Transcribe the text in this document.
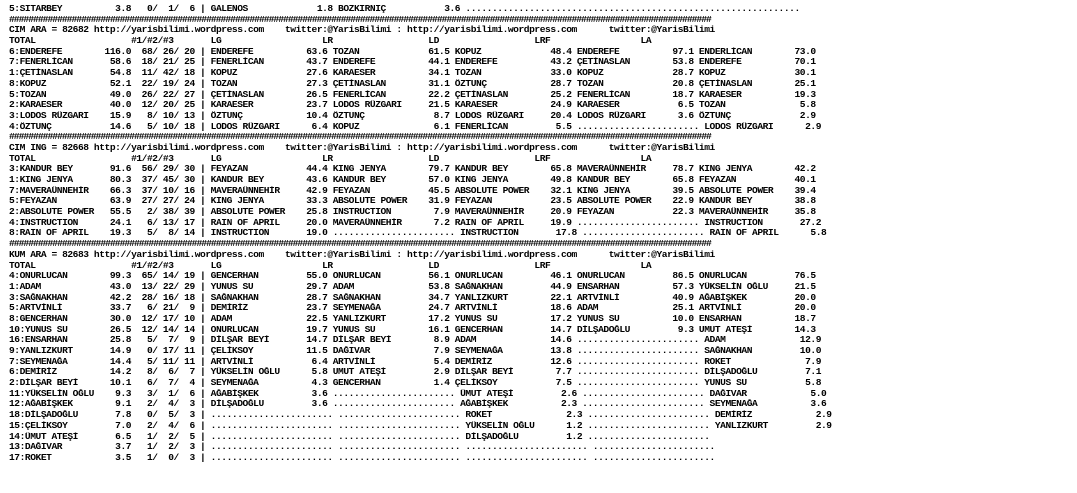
5:SITARBEY          3.8   0/  1/  6 | GALENOS             1.8 BOZKIRNIÇ           3.6 ...............................................................
##################################################################################################################################################
CIM ARA = 82682 http://yarisbilimi.wordpress.com    twitter:@YarisBilimi : http://yarisbilimi.wordpress.com      twitter:@YarisBilimi
TOTAL                  #1/#2/#3       LG                   LR                  LD                  LRF                 LA
6:ENDEREFE        116.0  68/ 26/ 20 | ENDEREFE          63.6 TOZAN             61.5 KOPUZ             48.4 ENDEREFE          97.1 ENDERLİCAN        73.0
7:FENERLİCAN       58.6  18/ 21/ 25 | FENERLİCAN        43.7 ENDEREFE          44.1 ENDEREFE          43.2 ÇETİNASLAN        53.8 ENDEREFE          70.1
1:ÇETİNASLAN       54.8  11/ 42/ 18 | KOPUZ             27.6 KARAESER          34.1 TOZAN             33.0 KOPUZ             28.7 KOPUZ             30.1
8:KOPUZ            52.1  22/ 19/ 24 | TOZAN             27.3 ÇETİNASLAN        31.1 ÖZTUNÇ            28.7 TOZAN             20.8 ÇETİNASLAN        25.1
5:TOZAN            49.0  26/ 22/ 27 | ÇETİNASLAN        26.5 FENERLİCAN        22.2 ÇETİNASLAN        25.2 FENERLİCAN        18.7 KARAESER          19.3
2:KARAESER         40.0  12/ 20/ 25 | KARAESER          23.7 LODOS RÜZGARI     21.5 KARAESER          24.9 KARAESER           6.5 TOZAN              5.8
3:LODOS RÜZGARI    15.9   8/ 10/ 13 | ÖZTUNÇ            10.4 ÖZTUNÇ             8.7 LODOS RÜZGARI     20.4 LODOS RÜZGARI      3.6 ÖZTUNÇ             2.9
4:ÖZTUNÇ           14.6   5/ 10/ 18 | LODOS RÜZGARI      6.4 KOPUZ              6.1 FENERLİCAN         5.5 ....................... LODOS RÜZGARI      2.9
##################################################################################################################################################
CIM ING = 82668 http://yarisbilimi.wordpress.com    twitter:@YarisBilimi : http://yarisbilimi.wordpress.com      twitter:@YarisBilimi
TOTAL                  #1/#2/#3       LG                   LR                  LD                  LRF                 LA
3:KANDUR BEY       91.6  56/ 29/ 30 | FEYAZAN           44.4 KING JENYA        79.7 KANDUR BEY        65.8 MAVERAÜNNEHİR     78.7 KING JENYA        42.2
1:KING JENYA       80.3  37/ 45/ 30 | KANDUR BEY        43.6 KANDUR BEY        57.0 KING JENYA        49.8 KANDUR BEY        65.8 FEYAZAN           40.1
7:MAVERAÜNNEHİR    66.3  37/ 10/ 16 | MAVERAÜNNEHİR     42.9 FEYAZAN           45.5 ABSOLUTE POWER    32.1 KING JENYA        39.5 ABSOLUTE POWER    39.4
5:FEYAZAN          63.9  27/ 27/ 24 | KING JENYA        33.3 ABSOLUTE POWER    31.9 FEYAZAN           23.5 ABSOLUTE POWER    22.9 KANDUR BEY        38.8
2:ABSOLUTE POWER   55.5   2/ 38/ 39 | ABSOLUTE POWER    25.8 INSTRUCTION        7.9 MAVERAÜNNEHİR     20.9 FEYAZAN           22.3 MAVERAÜNNEHİR     35.8
4:INSTRUCTION      24.1   6/ 13/ 17 | RAIN OF APRIL     20.0 MAVERAÜNNEHİR      7.2 RAIN OF APRIL     19.9 ....................... INSTRUCTION       27.2
8:RAIN OF APRIL    19.3   5/  8/ 14 | INSTRUCTION       19.0 ....................... INSTRUCTION       17.8 ....................... RAIN OF APRIL      5.8
##################################################################################################################################################
KUM ARA = 82683 http://yarisbilimi.wordpress.com    twitter:@YarisBilimi : http://yarisbilimi.wordpress.com      twitter:@YarisBilimi
TOTAL                  #1/#2/#3       LG                   LR                  LD                  LRF                 LA
4:ONURLUCAN        99.3  65/ 14/ 19 | GENCERHAN         55.0 ONURLUCAN         56.1 ONURLUCAN         46.1 ONURLUCAN         86.5 ONURLUCAN         76.5
1:ADAM             43.0  13/ 22/ 29 | YUNUS SU          29.7 ADAM              53.8 SAĞNAKHAN         44.9 ENSARHAN          57.3 YÜKSELİN OĞLU     21.5
3:SAĞNAKHAN        42.2  28/ 16/ 18 | SAĞNAKHAN         28.7 SAĞNAKHAN         34.7 YANLIZKURT        22.1 ARTVİNLİ          40.9 AĞABİŞKEK         20.0
5:ARTVİNLİ         33.7   6/ 21/  9 | DEMİRİZ           23.7 SEYMENAĞA         24.7 ARTVİNLİ          18.6 ADAM              25.1 ARTVİNLİ          20.0
8:GENCERHAN        30.0  12/ 17/ 10 | ADAM              22.5 YANLIZKURT        17.2 YUNUS SU          17.2 YUNUS SU          10.0 ENSARHAN          18.7
10:YUNUS SU        26.5  12/ 14/ 14 | ONURLUCAN         19.7 YUNUS SU          16.1 GENCERHAN         14.7 DİLŞADOĞLU         9.3 UMUT ATEŞİ        14.3
16:ENSARHAN        25.8   5/  7/  9 | DİLŞAR BEYİ       14.7 DİLŞAR BEYİ        8.9 ADAM              14.6 ....................... ADAM              12.9
9:YANLIZKURT       14.9   0/ 17/ 11 | ÇELİKSOY          11.5 DAĞIVAR            7.9 SEYMENAĞA         13.8 ....................... SAĞNAKHAN         10.0
7:SEYMENAĞA        14.4   5/ 11/ 11 | ARTVİNLİ           6.4 ARTVİNLİ           5.4 DEMİRİZ           12.6 ....................... ROKET              7.9
6:DEMİRİZ          14.2   8/  6/  7 | YÜKSELİN OĞLU      5.8 UMUT ATEŞİ         2.9 DİLŞAR BEYİ        7.7 ....................... DİLŞADOĞLU         7.1
2:DİLŞAR BEYİ      10.1   6/  7/  4 | SEYMENAĞA          4.3 GENCERHAN          1.4 ÇELİKSOY           7.5 ....................... YUNUS SU           5.8
11:YÜKSELİN OĞLU    9.3   3/  1/  6 | AĞABİŞKEK          3.6 ....................... ÜMUT ATEŞİ         2.6 ....................... DAĞIVAR            5.0
12:AĞABİŞKEK        9.1   2/  4/  3 | DİLŞADOĞLU         3.6 ....................... AĞABİŞKEK          2.3 ....................... SEYMENAĞA          3.6
18:DİLŞADOĞLU       7.8   0/  5/  3 | ....................... ....................... ROKET              2.3 ....................... DEMİRİZ            2.9
15:ÇELİKSOY         7.0   2/  4/  6 | ....................... ....................... YÜKSELİN OĞLU      1.2 ....................... YANLIZKURT         2.9
14:ÜMUT ATEŞİ       6.5   1/  2/  5 | ....................... ....................... DİLŞADOĞLU         1.2 .......................
13:DAĞIVAR          3.7   1/  2/  3 | ....................... ....................... ....................... .......................
17:ROKET            3.5   1/  0/  3 | ....................... ....................... ....................... .......................
